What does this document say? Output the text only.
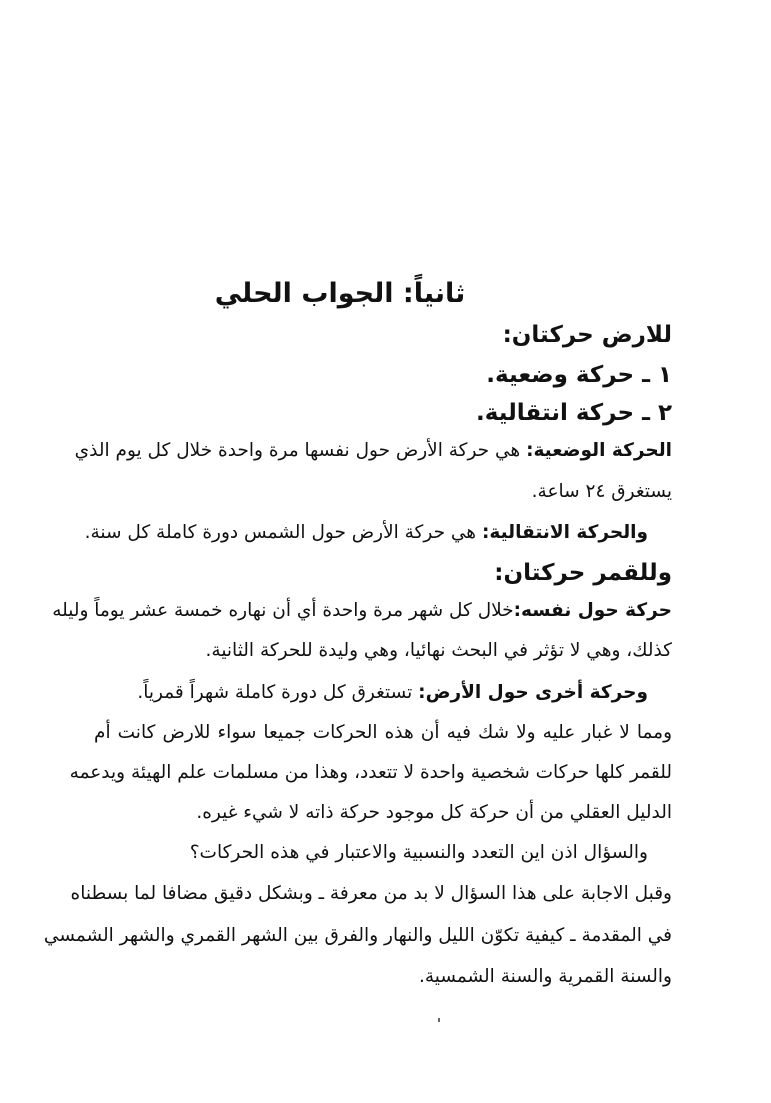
ثانياً: الجواب الحلي
للارض حركتان:
١ ـ حركة وضعية.
٢ ـ حركة انتقالية.
الحركة الوضعية: هي حركة الأرض حول نفسها مرة واحدة خلال كل يوم الذي
يستغرق ٢٤ ساعة.
والحركة الانتقالية: هي حركة الأرض حول الشمس دورة كاملة كل سنة.
وللقمر حركتان:
حركة حول نفسه:خلال كل شهر مرة واحدة أي أن نهاره خمسة عشر يوماً وليله
كذلك، وهي لا تؤثر في البحث نهائيا، وهي وليدة للحركة الثانية.
وحركة أخرى حول الأرض: تستغرق كل دورة كاملة شهراً قمرياً.
ومما لا غبار عليه ولا شك فيه أن هذه الحركات جميعا سواء للارض كانت أم
للقمر كلها حركات شخصية واحدة لا تتعدد، وهذا من مسلمات علم الهيئة ويدعمه
الدليل العقلي من أن حركة كل موجود حركة ذاته لا شيء غيره.
والسؤال اذن اين التعدد والنسبية والاعتبار في هذه الحركات؟
وقبل الاجابة على هذا السؤال لا بد من معرفة ـ وبشكل دقيق مضافا لما بسطناه
في المقدمة ـ كيفية تكوّن الليل والنهار والفرق بين الشهر القمري والشهر الشمسي
والسنة القمرية والسنة الشمسية.
